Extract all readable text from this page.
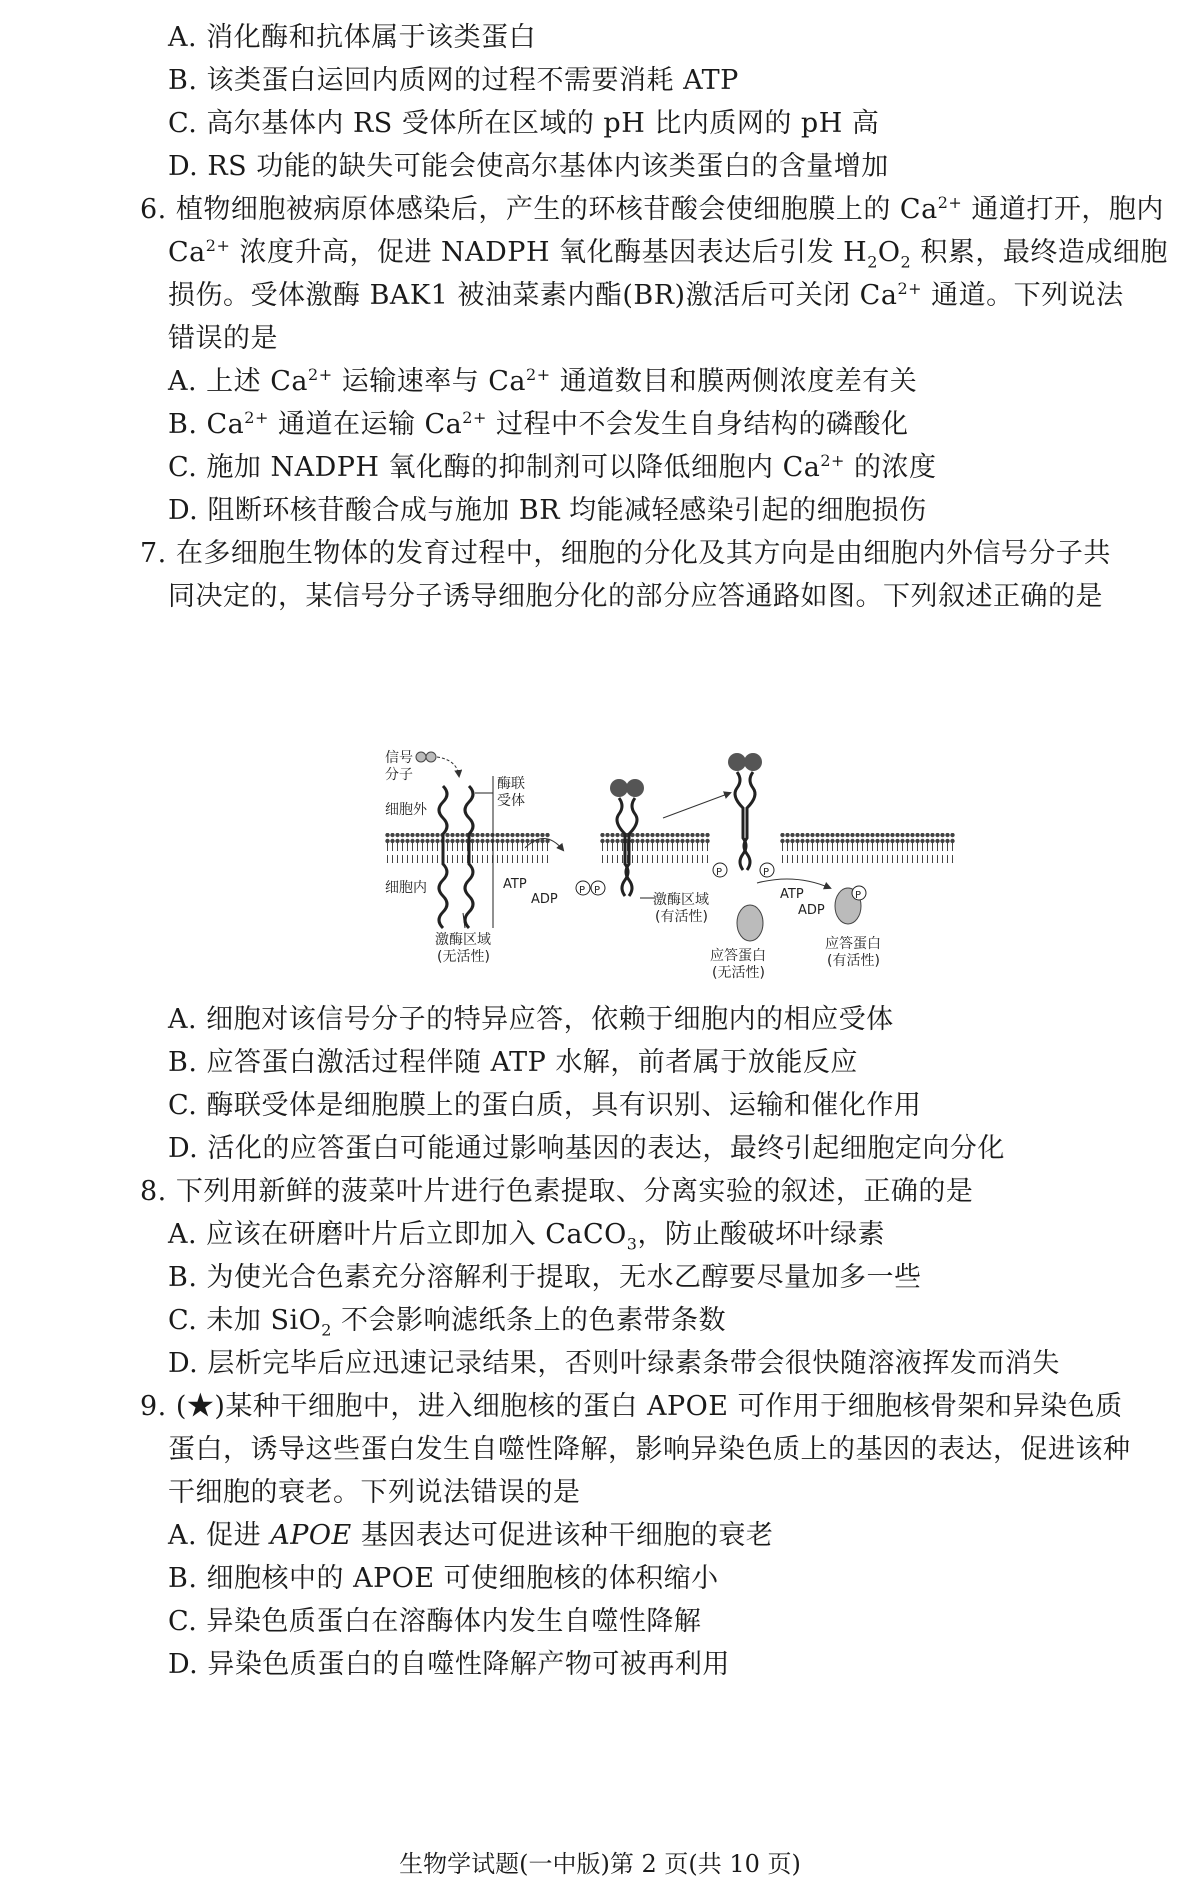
A. 消化酶和抗体属于该类蛋白
B. 该类蛋白运回内质网的过程不需要消耗 ATP
C. 高尔基体内 RS 受体所在区域的 pH 比内质网的 pH 高
D. RS 功能的缺失可能会使高尔基体内该类蛋白的含量增加
6. 植物细胞被病原体感染后，产生的环核苷酸会使细胞膜上的 $Ca^{2+}$ 通道打开，胞内
$Ca^{2+}$ 浓度升高，促进 NADPH 氧化酶基因表达后引发 $H_2O_2$ 积累，最终造成细胞
损伤。受体激酶 BAK1 被油菜素内酯(BR)激活后可关闭 $Ca^{2+}$ 通道。下列说法
错误的是
A. 上述 $Ca^{2+}$ 运输速率与 $Ca^{2+}$ 通道数目和膜两侧浓度差有关
B. $Ca^{2+}$ 通道在运输 $Ca^{2+}$ 过程中不会发生自身结构的磷酸化
C. 施加 NADPH 氧化酶的抑制剂可以降低细胞内 $Ca^{2+}$ 的浓度
D. 阻断环核苷酸合成与施加 BR 均能减轻感染引起的细胞损伤
7. 在多细胞生物体的发育过程中，细胞的分化及其方向是由细胞内外信号分子共
同决定的，某信号分子诱导细胞分化的部分应答通路如图。下列叙述正确的是
信号
分子
细胞外
细胞内
酶联
受体
激酶区域
(无活性)
ATP
ADP
P P
激酶区域
(有活性)
P	P
ATP
ADP
P
应答蛋白
(无活性)
应答蛋白
(有活性)
A. 细胞对该信号分子的特异应答，依赖于细胞内的相应受体
B. 应答蛋白激活过程伴随 ATP 水解，前者属于放能反应
C. 酶联受体是细胞膜上的蛋白质，具有识别、运输和催化作用
D. 活化的应答蛋白可能通过影响基因的表达，最终引起细胞定向分化
8. 下列用新鲜的菠菜叶片进行色素提取、分离实验的叙述，正确的是
A. 应该在研磨叶片后立即加入 CaCO$_3$，防止酸破坏叶绿素
B. 为使光合色素充分溶解利于提取，无水乙醇要尽量加多一些
C. 未加 SiO$_2$ 不会影响滤纸条上的色素带条数
D. 层析完毕后应迅速记录结果，否则叶绿素条带会很快随溶液挥发而消失
9. (★)某种干细胞中，进入细胞核的蛋白 APOE 可作用于细胞核骨架和异染色质
蛋白，诱导这些蛋白发生自噬性降解，影响异染色质上的基因的表达，促进该种
干细胞的衰老。下列说法错误的是
A. 促进 APOE 基因表达可促进该种干细胞的衰老
B. 细胞核中的 APOE 可使细胞核的体积缩小
C. 异染色质蛋白在溶酶体内发生自噬性降解
D. 异染色质蛋白的自噬性降解产物可被再利用
生物学试题(一中版)第 2 页(共 10 页)
